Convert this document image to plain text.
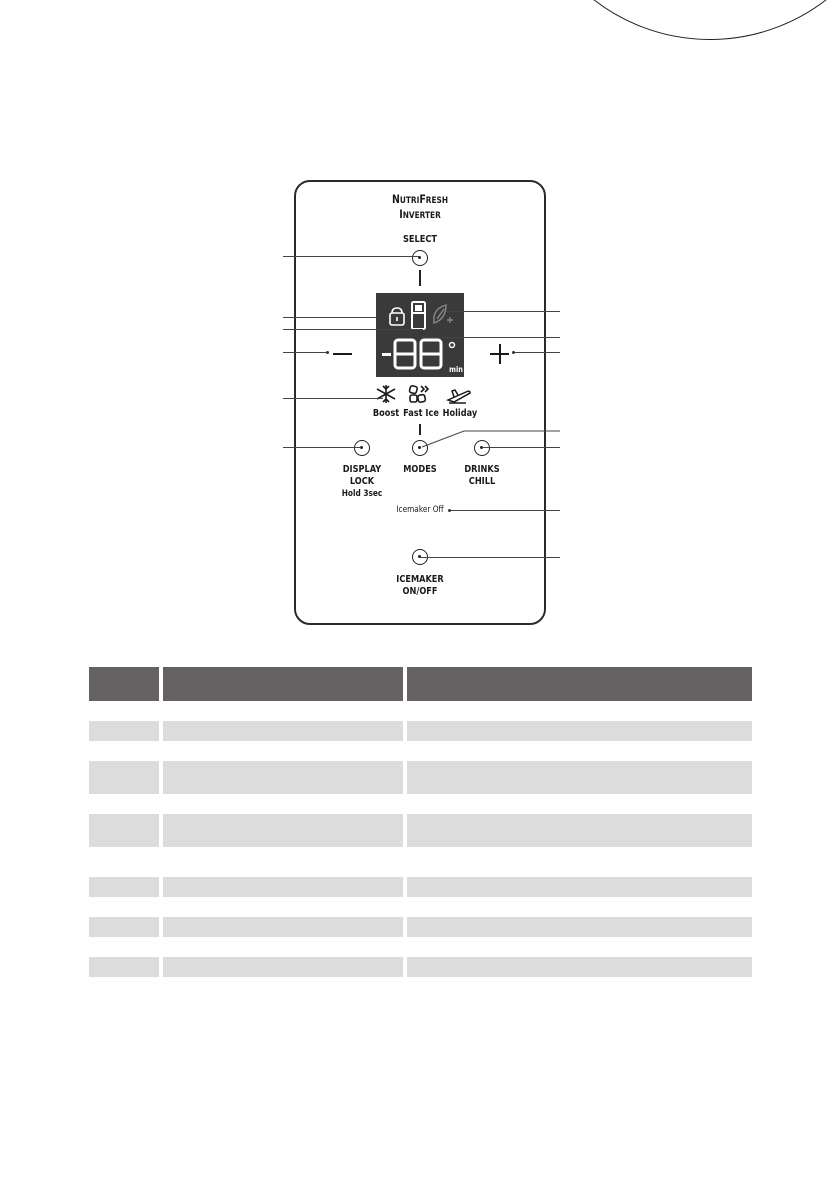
NUTRIFRESH
INVERTER
SELECT
min
Boost Fast Ice Holiday
DISPLAY
LOCK
Hold 3sec
MODES	DRINKS
CHILL
Icemaker Off
ICEMAKER
ON/OFF
